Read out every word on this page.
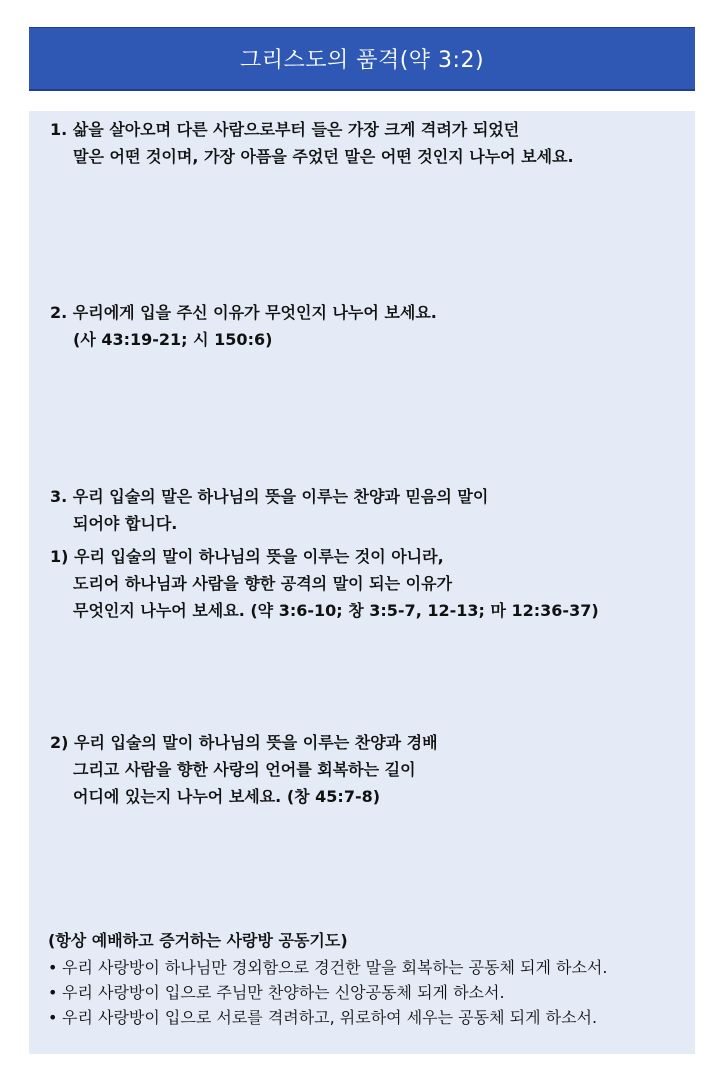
그리스도의 품격(약 3:2)
1. 삶을 살아오며 다른 사람으로부터 들은 가장 크게 격려가 되었던
말은 어떤 것이며, 가장 아픔을 주었던 말은 어떤 것인지 나누어 보세요.
2. 우리에게 입을 주신 이유가 무엇인지 나누어 보세요.
(사 43:19-21; 시 150:6)
3. 우리 입술의 말은 하나님의 뜻을 이루는 찬양과 믿음의 말이
되어야 합니다.
1) 우리 입술의 말이 하나님의 뜻을 이루는 것이 아니라,
도리어 하나님과 사람을 향한 공격의 말이 되는 이유가
무엇인지 나누어 보세요. (약 3:6-10; 창 3:5-7, 12-13; 마 12:36-37)
2) 우리 입술의 말이 하나님의 뜻을 이루는 찬양과 경배
그리고 사람을 향한 사랑의 언어를 회복하는 길이
어디에 있는지 나누어 보세요. (창 45:7-8)
(항상 예배하고 증거하는 사랑방 공동기도)
• 우리 사랑방이 하나님만 경외함으로 경건한 말을 회복하는 공동체 되게 하소서.
• 우리 사랑방이 입으로 주님만 찬양하는 신앙공동체 되게 하소서.
• 우리 사랑방이 입으로 서로를 격려하고, 위로하여 세우는 공동체 되게 하소서.
